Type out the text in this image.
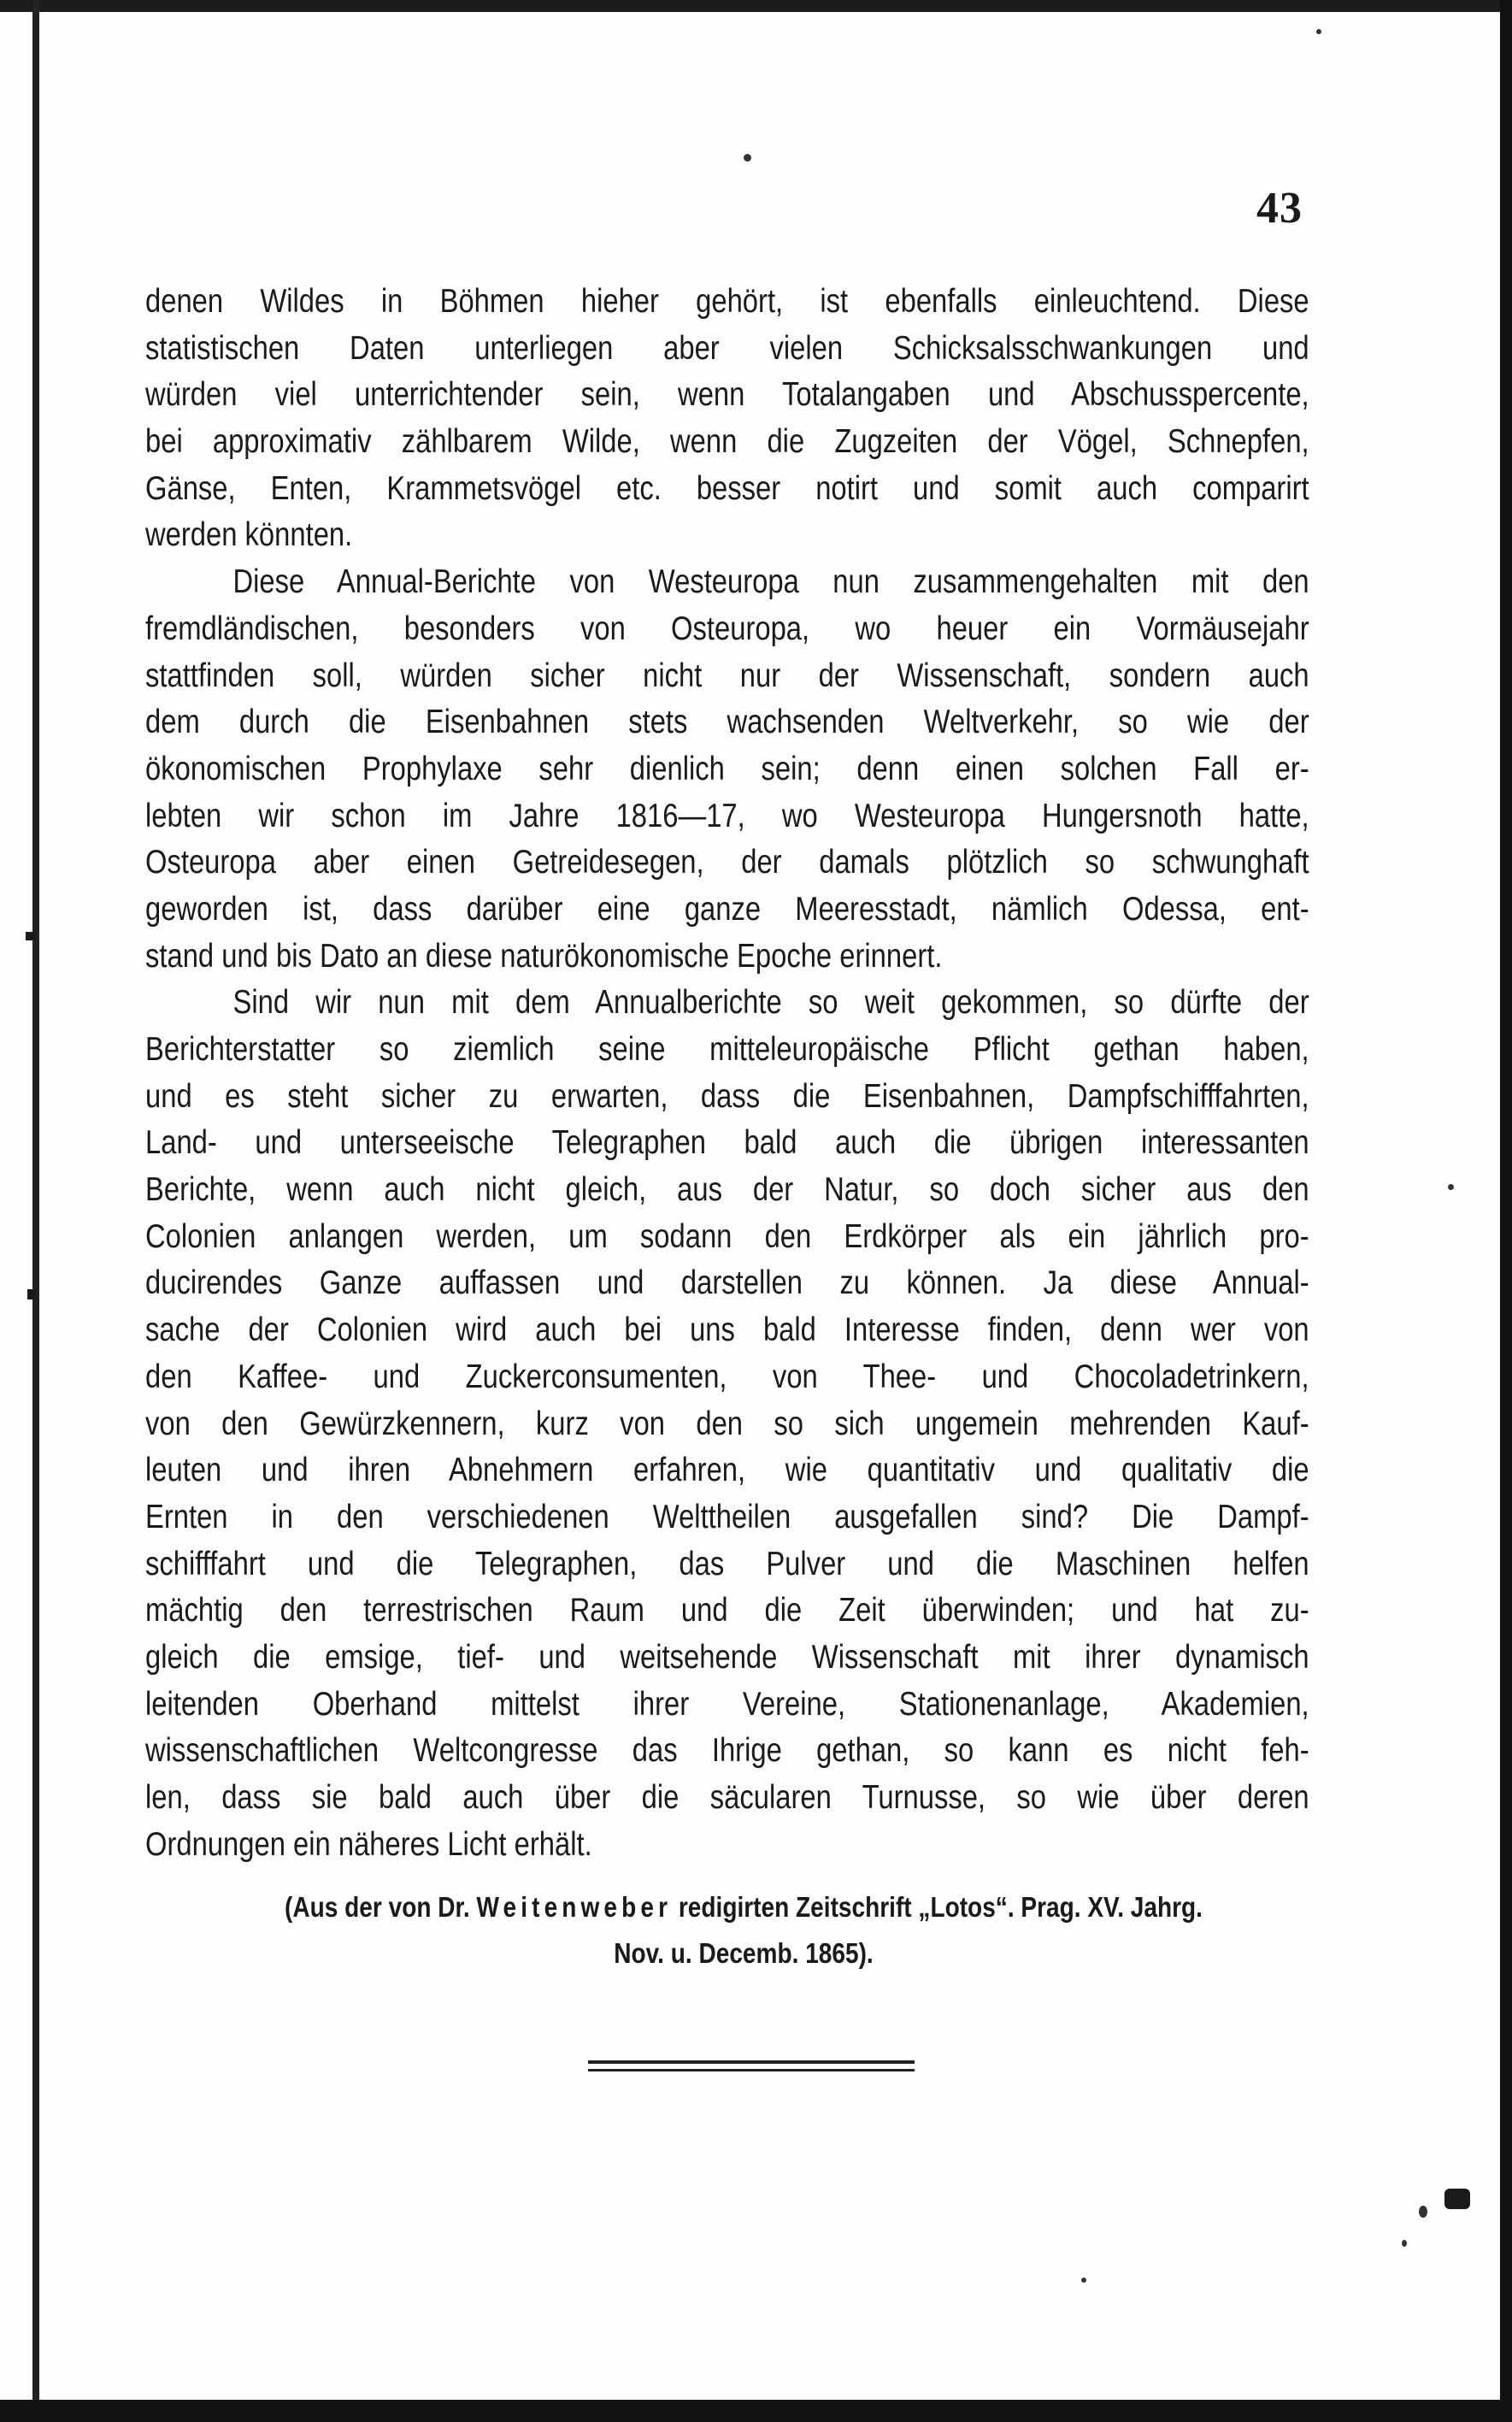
43
denen Wildes in Böhmen hieher gehört, ist ebenfalls einleuchtend. Diese
statistischen Daten unterliegen aber vielen Schicksalsschwankungen und
würden viel unterrichtender sein, wenn Totalangaben und Abschusspercente,
bei approximativ zählbarem Wilde, wenn die Zugzeiten der Vögel, Schnepfen,
Gänse, Enten, Krammetsvögel etc. besser notirt und somit auch comparirt
werden könnten.
Diese Annual-Berichte von Westeuropa nun zusammengehalten mit den
fremdländischen, besonders von Osteuropa, wo heuer ein Vormäusejahr
stattfinden soll, würden sicher nicht nur der Wissenschaft, sondern auch
dem durch die Eisenbahnen stets wachsenden Weltverkehr, so wie der
ökonomischen Prophylaxe sehr dienlich sein; denn einen solchen Fall er-
lebten wir schon im Jahre 1816—17, wo Westeuropa Hungersnoth hatte,
Osteuropa aber einen Getreidesegen, der damals plötzlich so schwunghaft
geworden ist, dass darüber eine ganze Meeresstadt, nämlich Odessa, ent-
stand und bis Dato an diese naturökonomische Epoche erinnert.
Sind wir nun mit dem Annualberichte so weit gekommen, so dürfte der
Berichterstatter so ziemlich seine mitteleuropäische Pflicht gethan haben,
und es steht sicher zu erwarten, dass die Eisenbahnen, Dampfschifffahrten,
Land- und unterseeische Telegraphen bald auch die übrigen interessanten
Berichte, wenn auch nicht gleich, aus der Natur, so doch sicher aus den
Colonien anlangen werden, um sodann den Erdkörper als ein jährlich pro-
ducirendes Ganze auffassen und darstellen zu können. Ja diese Annual-
sache der Colonien wird auch bei uns bald Interesse finden, denn wer von
den Kaffee- und Zuckerconsumenten, von Thee- und Chocoladetrinkern,
von den Gewürzkennern, kurz von den so sich ungemein mehrenden Kauf-
leuten und ihren Abnehmern erfahren, wie quantitativ und qualitativ die
Ernten in den verschiedenen Welttheilen ausgefallen sind? Die Dampf-
schifffahrt und die Telegraphen, das Pulver und die Maschinen helfen
mächtig den terrestrischen Raum und die Zeit überwinden; und hat zu-
gleich die emsige, tief- und weitsehende Wissenschaft mit ihrer dynamisch
leitenden Oberhand mittelst ihrer Vereine, Stationenanlage, Akademien,
wissenschaftlichen Weltcongresse das Ihrige gethan, so kann es nicht feh-
len, dass sie bald auch über die säcularen Turnusse, so wie über deren
Ordnungen ein näheres Licht erhält.
(Aus der von Dr. Weitenweber redigirten Zeitschrift „Lotos“. Prag. XV. Jahrg.
Nov. u. Decemb. 1865).
